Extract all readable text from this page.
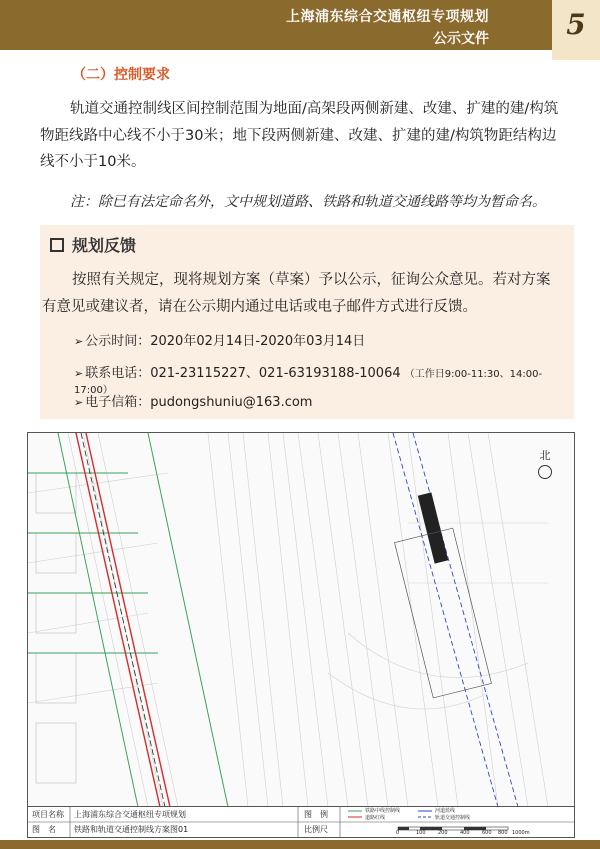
上海浦东综合交通枢纽专项规划
公示文件	5
（二）控制要求
轨道交通控制线区间控制范围为地面/高架段两侧新建、改建、扩建的建/构筑物距线路中心线不小于30米；地下段两侧新建、改建、扩建的建/构筑物距结构边线不小于10米。
注：除已有法定命名外，文中规划道路、铁路和轨道交通线路等均为暂命名。
规划反馈
按照有关规定，现将规划方案（草案）予以公示，征询公众意见。若对方案有意见或建议者，请在公示期内通过电话或电子邮件方式进行反馈。
➢ 公示时间：2020年02月14日-2020年03月14日
➢ 联系电话：021-23115227、021-63193188-10064 （工作日9:00-11:30、14:00-17:00）
➢ 电子信箱：pudongshuniu@163.com
北
项目名称 上海浦东综合交通枢纽专项规划
图　名 铁路和轨道交通控制线方案图01
图　例
比例尺
铁路中线控制线	河道蓝线
道路红线	轨道交通控制线
0	100 200 400 600 800 1000m
